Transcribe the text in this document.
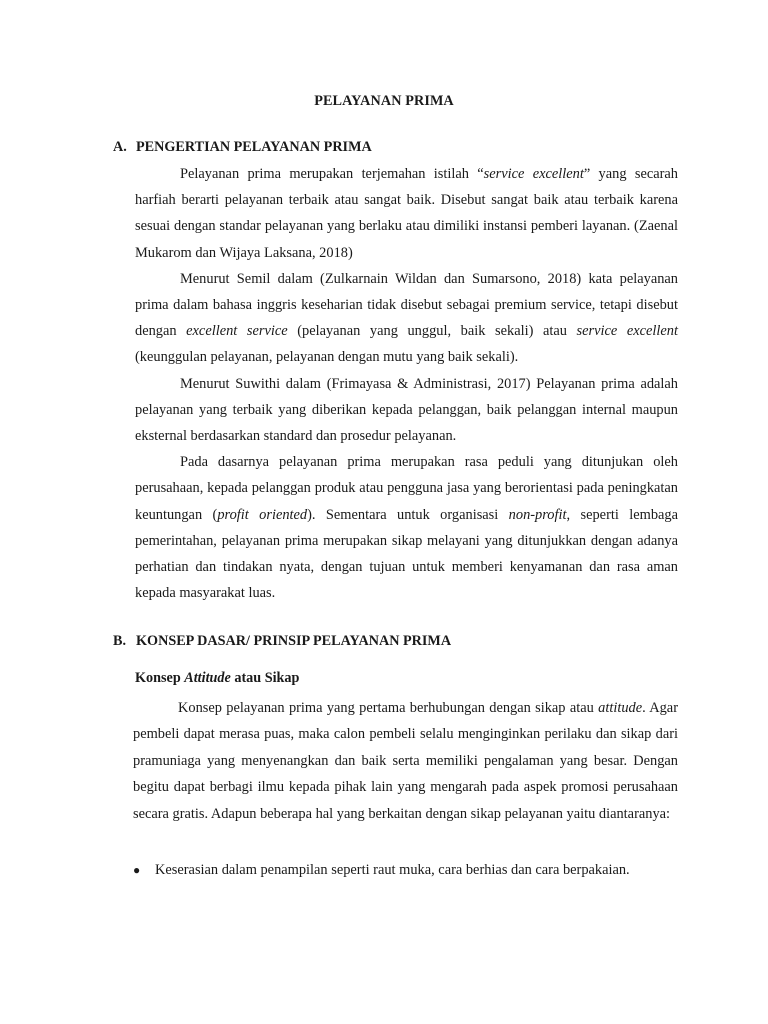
PELAYANAN PRIMA
A. PENGERTIAN PELAYANAN PRIMA

Pelayanan prima merupakan terjemahan istilah “service excellent” yang secarah harfiah berarti pelayanan terbaik atau sangat baik. Disebut sangat baik atau terbaik karena sesuai dengan standar pelayanan yang berlaku atau dimiliki instansi pemberi layanan. (Zaenal Mukarom dan Wijaya Laksana, 2018)

Menurut Semil dalam (Zulkarnain Wildan dan Sumarsono, 2018) kata pelayanan prima dalam bahasa inggris keseharian tidak disebut sebagai premium service, tetapi disebut dengan excellent service (pelayanan yang unggul, baik sekali) atau service excellent (keunggulan pelayanan, pelayanan dengan mutu yang baik sekali).

Menurut Suwithi dalam (Frimayasa & Administrasi, 2017) Pelayanan prima adalah pelayanan yang terbaik yang diberikan kepada pelanggan, baik pelanggan internal maupun eksternal berdasarkan standard dan prosedur pelayanan.

Pada dasarnya pelayanan prima merupakan rasa peduli yang ditunjukan oleh perusahaan, kepada pelanggan produk atau pengguna jasa yang berorientasi pada peningkatan keuntungan (profit oriented). Sementara untuk organisasi non-profit, seperti lembaga pemerintahan, pelayanan prima merupakan sikap melayani yang ditunjukkan dengan adanya perhatian dan tindakan nyata, dengan tujuan untuk memberi kenyamanan dan rasa aman kepada masyarakat luas.

B. KONSEP DASAR/ PRINSIP PELAYANAN PRIMA
Konsep Attitude atau Sikap

Konsep pelayanan prima yang pertama berhubungan dengan sikap atau attitude. Agar pembeli dapat merasa puas, maka calon pembeli selalu menginginkan perilaku dan sikap dari pramuniaga yang menyenangkan dan baik serta memiliki pengalaman yang besar. Dengan begitu dapat berbagi ilmu kepada pihak lain yang mengarah pada aspek promosi perusahaan secara gratis. Adapun beberapa hal yang berkaitan dengan sikap pelayanan yaitu diantaranya:

● Keserasian dalam penampilan seperti raut muka, cara berhias dan cara berpakaian.
